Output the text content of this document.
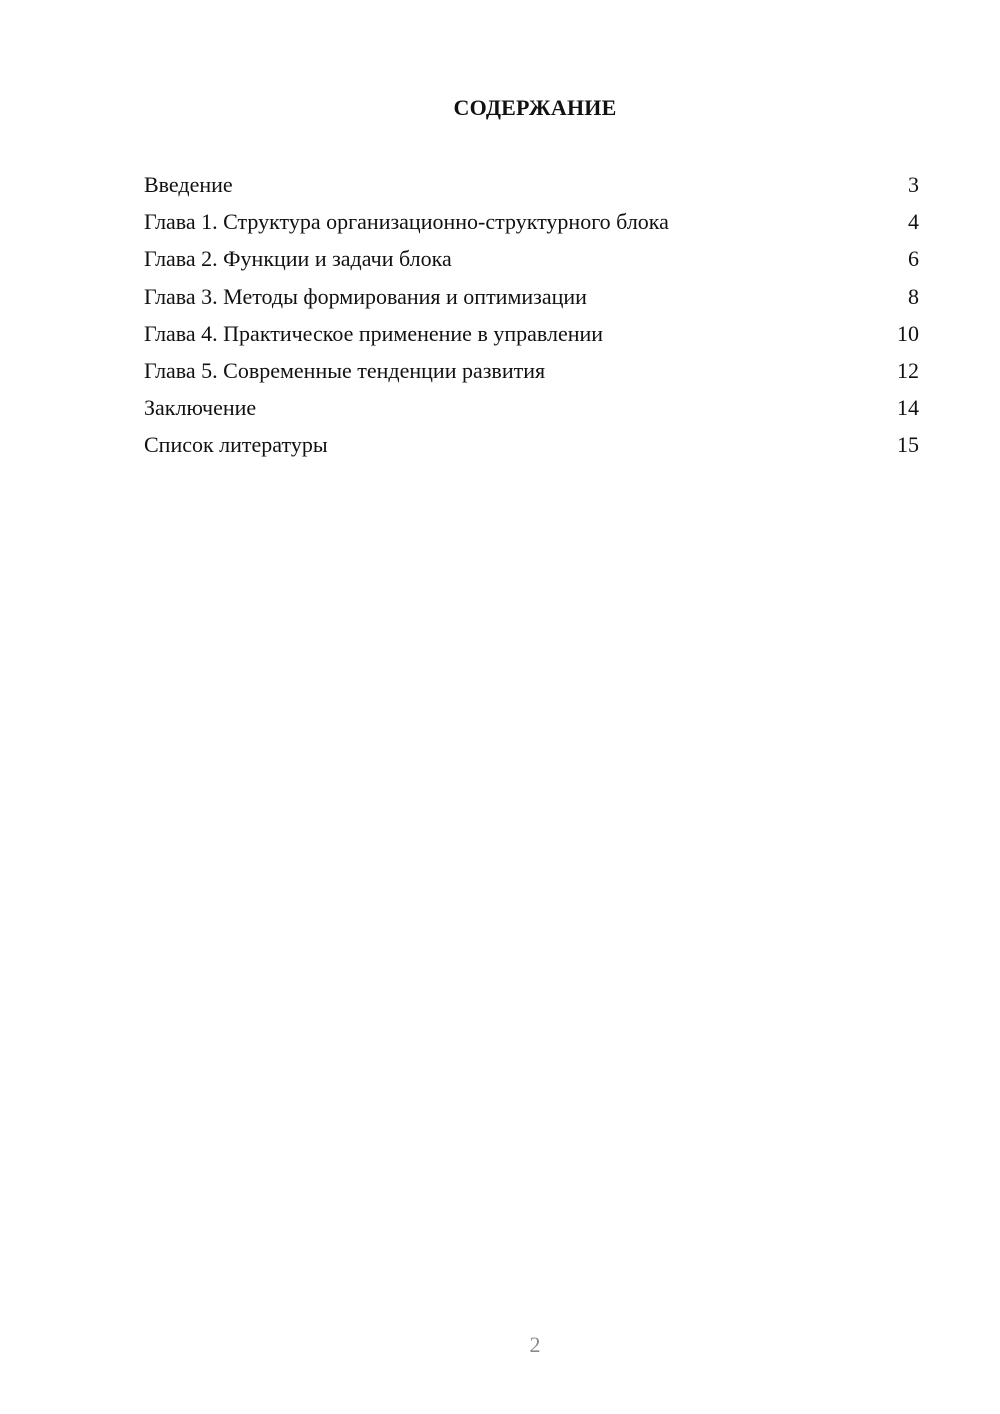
СОДЕРЖАНИЕ
Введение	3
Глава 1. Структура организационно-структурного блока	4
Глава 2. Функции и задачи блока	6
Глава 3. Методы формирования и оптимизации	8
Глава 4. Практическое применение в управлении	10
Глава 5. Современные тенденции развития	12
Заключение	14
Список литературы	15
2
